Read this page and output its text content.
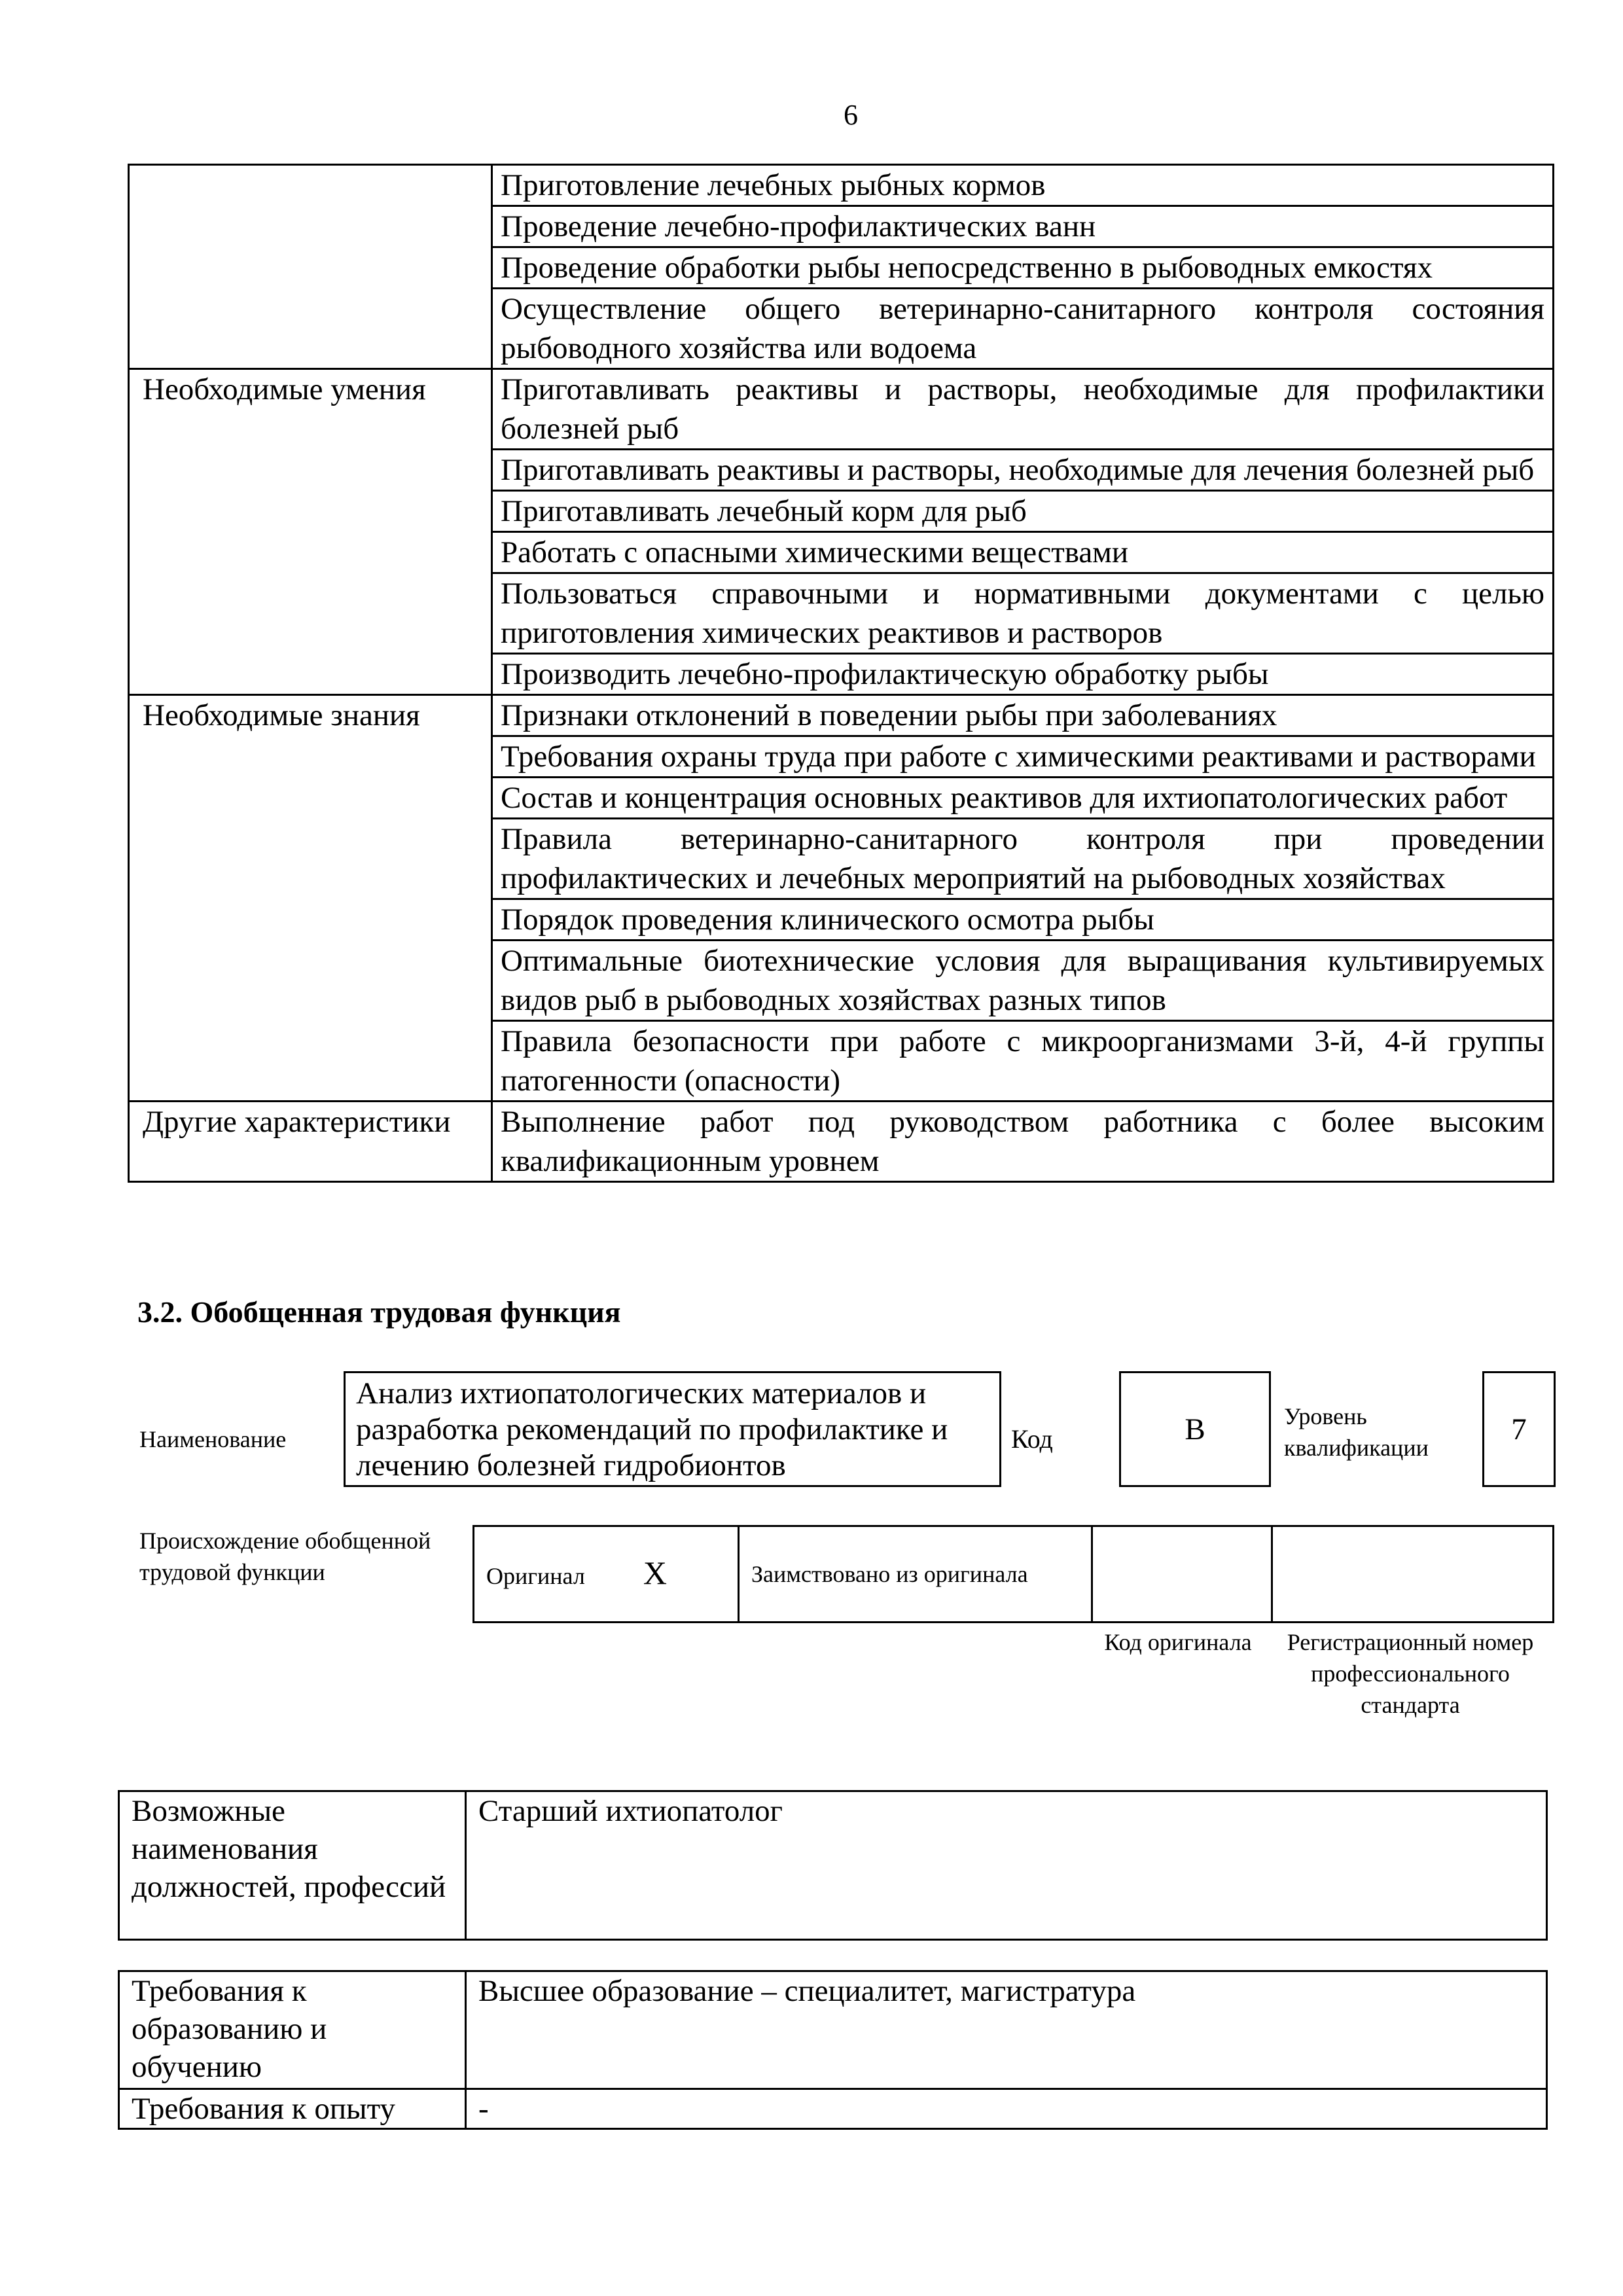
6
	Приготовление лечебных рыбных кормов
	Проведение лечебно-профилактических ванн
	Проведение обработки рыбы непосредственно в рыбоводных емкостях
	Осуществление общего ветеринарно-санитарного контроля состояния рыбоводного хозяйства или водоема
Необходимые умения	Приготавливать реактивы и растворы, необходимые для профилактики болезней рыб
	Приготавливать реактивы и растворы, необходимые для лечения болезней рыб
	Приготавливать лечебный корм для рыб
	Работать с опасными химическими веществами
	Пользоваться справочными и нормативными документами с целью приготовления химических реактивов и растворов
	Производить лечебно-профилактическую обработку рыбы
Необходимые знания	Признаки отклонений в поведении рыбы при заболеваниях
	Требования охраны труда при работе с химическими реактивами и растворами
	Состав и концентрация основных реактивов для ихтиопатологических работ
	Правила ветеринарно-санитарного контроля при проведении профилактических и лечебных мероприятий на рыбоводных хозяйствах
	Порядок проведения клинического осмотра рыбы
	Оптимальные биотехнические условия для выращивания культивируемых видов рыб в рыбоводных хозяйствах разных типов
	Правила безопасности при работе с микроорганизмами 3-й, 4-й группы патогенности (опасности)
Другие характеристики	Выполнение работ под руководством работника с более высоким квалификационным уровнем
3.2. Обобщенная трудовая функция
Наименование
Анализ ихтиопатологических материалов и разработка рекомендаций по профилактике и лечению болезней гидробионтов
Код	B	Уровень квалификации
7
Происхождение обобщенной трудовой функции	Оригинал X	Заимствовано из оригинала		
Код оригинала	Регистрационный номер профессионального стандарта
Возможные наименования должностей, профессий	Старший ихтиопатолог
Требования к образованию и обучению	Высшее образование – специалитет, магистратура
Требования к опыту	-
